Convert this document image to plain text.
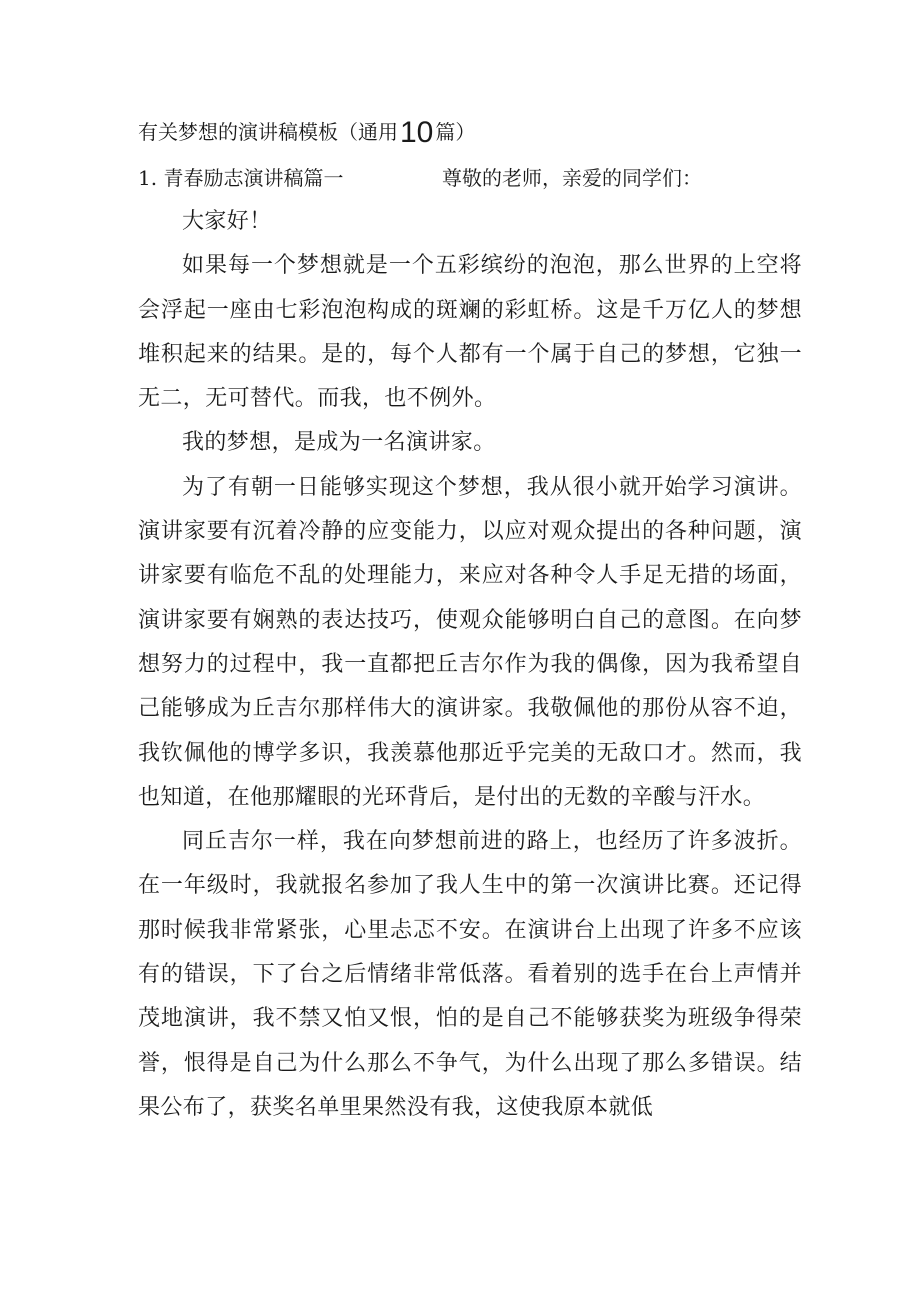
有关梦想的演讲稿模板（通用10 篇）
1. 青春励志演讲稿篇一	尊敬的老师，亲爱的同学们：

大家好！

如果每一个梦想就是一个五彩缤纷的泡泡，那么世界的上空将会浮起一座由七彩泡泡构成的斑斓的彩虹桥。这是千万亿人的梦想堆积起来的结果。是的，每个人都有一个属于自己的梦想，它独一无二，无可替代。而我，也不例外。

我的梦想，是成为一名演讲家。

为了有朝一日能够实现这个梦想，我从很小就开始学习演讲。演讲家要有沉着冷静的应变能力，以应对观众提出的各种问题，演讲家要有临危不乱的处理能力，来应对各种令人手足无措的场面，演讲家要有娴熟的表达技巧，使观众能够明白自己的意图。在向梦想努力的过程中，我一直都把丘吉尔作为我的偶像，因为我希望自己能够成为丘吉尔那样伟大的演讲家。我敬佩他的那份从容不迫，我钦佩他的博学多识，我羡慕他那近乎完美的无敌口才。然而，我也知道，在他那耀眼的光环背后，是付出的无数的辛酸与汗水。

同丘吉尔一样，我在向梦想前进的路上，也经历了许多波折。在一年级时，我就报名参加了我人生中的第一次演讲比赛。还记得那时候我非常紧张，心里忐忑不安。在演讲台上出现了许多不应该有的错误，下了台之后情绪非常低落。看着别的选手在台上声情并茂地演讲，我不禁又怕又恨，怕的是自己不能够获奖为班级争得荣誉，恨得是自己为什么那么不争气，为什么出现了那么多错误。结果公布了，获奖名单里果然没有我，这使我原本就低
